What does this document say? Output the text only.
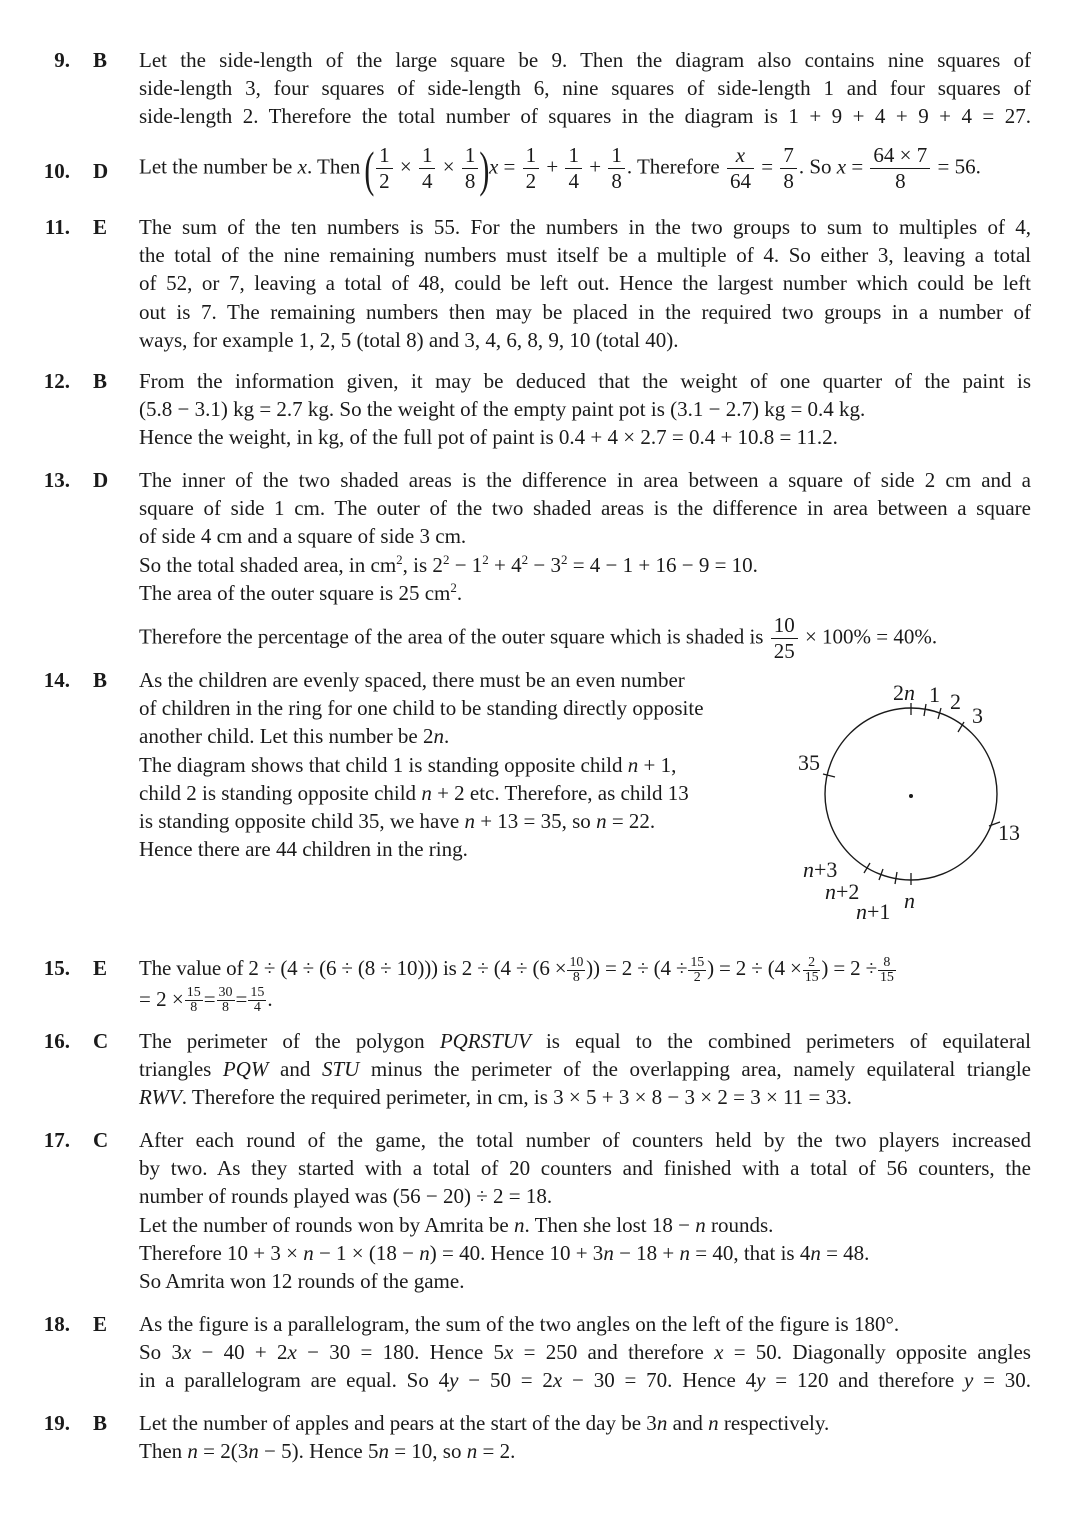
9. B Let the side-length of the large square be 9. Then the diagram also contains nine squares of
side-length 3, four squares of side-length 6, nine squares of side-length 1 and four squares of
side-length 2. Therefore the total number of squares in the diagram is 1 + 9 + 4 + 9 + 4 = 27.
10. D Let the number be x. Then ( $\frac{1}{2} \times \frac{1}{4} \times \frac{1}{8} )x = \frac{1}{2} + \frac{1}{4} + \frac{1}{8}$ . Therefore $\frac{x}{64} = \frac{7}{8}$ . So $x = \frac{64 \times 7}{8} = 56$.
11. E The sum of the ten numbers is 55. For the numbers in the two groups to sum to multiples of 4,
the total of the nine remaining numbers must itself be a multiple of 4. So either 3, leaving a total
of 52, or 7, leaving a total of 48, could be left out. Hence the largest number which could be left
out is 7. The remaining numbers then may be placed in the required two groups in a number of
ways, for example 1, 2, 5 (total 8) and 3, 4, 6, 8, 9, 10 (total 40).
12. B From the information given, it may be deduced that the weight of one quarter of the paint is
(5.8 − 3.1) kg = 2.7 kg. So the weight of the empty paint pot is (3.1 − 2.7) kg = 0.4 kg.
Hence the weight, in kg, of the full pot of paint is 0.4 + 4 × 2.7 = 0.4 + 10.8 = 11.2.
13. D The inner of the two shaded areas is the difference in area between a square of side 2 cm and a
square of side 1 cm. The outer of the two shaded areas is the difference in area between a square
of side 4 cm and a square of side 3 cm.
So the total shaded area, in $cm^2$, is $2^2 - 1^2 + 4^2 - 3^2 = 4 - 1 + 16 - 9 = 10$.
The area of the outer square is 25 $cm^2$.
Therefore the percentage of the area of the outer square which is shaded is $\frac{10}{25} \times 100\% = 40\%$.
14. B As the children are evenly spaced, there must be an even number
of children in the ring for one child to be standing directly opposite
another child. Let this number be 2n.
The diagram shows that child 1 is standing opposite child n + 1,
child 2 is standing opposite child n + 2 etc. Therefore, as child 13
is standing opposite child 35, we have n + 13 = 35, so n = 22.
Hence there are 44 children in the ring.
2n 1 2
3
35
13
n+3
n+2
n+1 n
15. E The value of 2 ÷ (4 ÷ (6 ÷ (8 ÷ 10))) is $2 \div (4 \div (6 \times \frac{10}{8}$ )) = $2 \div (4 \div \frac{15}{2}$ ) = $2 \div (4 \times \frac{2}{15}$ ) = $2 \div \frac{8}{15}$
= $2 \times \frac{15}{8} = \frac{30}{8} = \frac{15}{4}$ .
16. C The perimeter of the polygon PQRSTUV is equal to the combined perimeters of equilateral
triangles PQW and STU minus the perimeter of the overlapping area, namely equilateral triangle
RWV. Therefore the required perimeter, in cm, is 3 × 5 + 3 × 8 − 3 × 2 = 3 × 11 = 33.
17. C After each round of the game, the total number of counters held by the two players increased
by two. As they started with a total of 20 counters and finished with a total of 56 counters, the
number of rounds played was (56 − 20) ÷ 2 = 18.
Let the number of rounds won by Amrita be n. Then she lost 18 − n rounds.
Therefore 10 + 3 × n − 1 × (18 − n) = 40. Hence 10 + 3n − 18 + n = 40, that is 4n = 48.
So Amrita won 12 rounds of the game.
18. E As the figure is a parallelogram, the sum of the two angles on the left of the figure is 180°.
So 3x − 40 + 2x − 30 = 180. Hence 5x = 250 and therefore x = 50. Diagonally opposite angles
in a parallelogram are equal. So 4y − 50 = 2x − 30 = 70. Hence 4y = 120 and therefore y = 30.
19. B Let the number of apples and pears at the start of the day be 3n and n respectively.
Then n = 2(3n − 5). Hence 5n = 10, so n = 2.
